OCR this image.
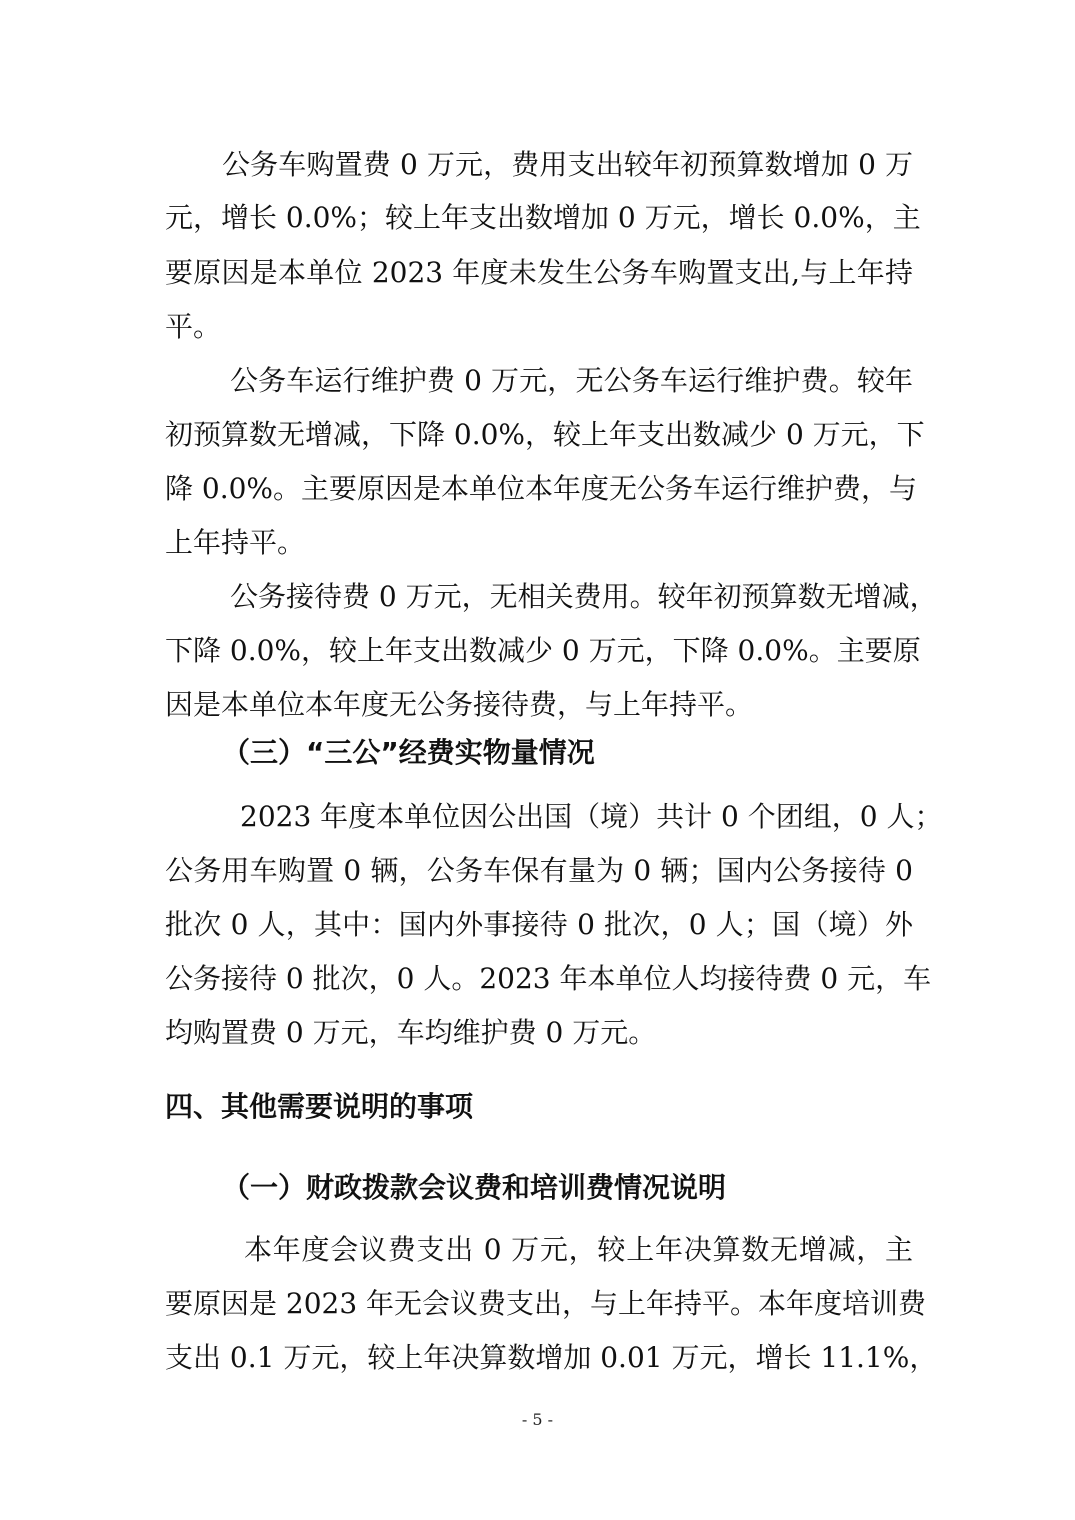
公务车购置费 0 万元，费用支出较年初预算数增加 0 万
元，增长 0.0%；较上年支出数增加 0 万元，增长 0.0%，主
要原因是本单位 2023 年度未发生公务车购置支出,与上年持
平。
公务车运行维护费 0 万元，无公务车运行维护费。较年
初预算数无增减，下降 0.0%，较上年支出数减少 0 万元，下
降 0.0%。主要原因是本单位本年度无公务车运行维护费，与
上年持平。
公务接待费 0 万元，无相关费用。较年初预算数无增减，
下降 0.0%，较上年支出数减少 0 万元，下降 0.0%。主要原
因是本单位本年度无公务接待费，与上年持平。
（三）“三公”经费实物量情况
2023 年度本单位因公出国（境）共计 0 个团组，0 人；
公务用车购置 0 辆，公务车保有量为 0 辆；国内公务接待 0
批次 0 人，其中：国内外事接待 0 批次，0 人；国（境）外
公务接待 0 批次，0 人。2023 年本单位人均接待费 0 元，车
均购置费 0 万元，车均维护费 0 万元。
四、其他需要说明的事项
（一）财政拨款会议费和培训费情况说明
本年度会议费支出 0 万元，较上年决算数无增减，主
要原因是 2023 年无会议费支出，与上年持平。本年度培训费
支出 0.1 万元，较上年决算数增加 0.01 万元，增长 11.1%，
- 5 -
